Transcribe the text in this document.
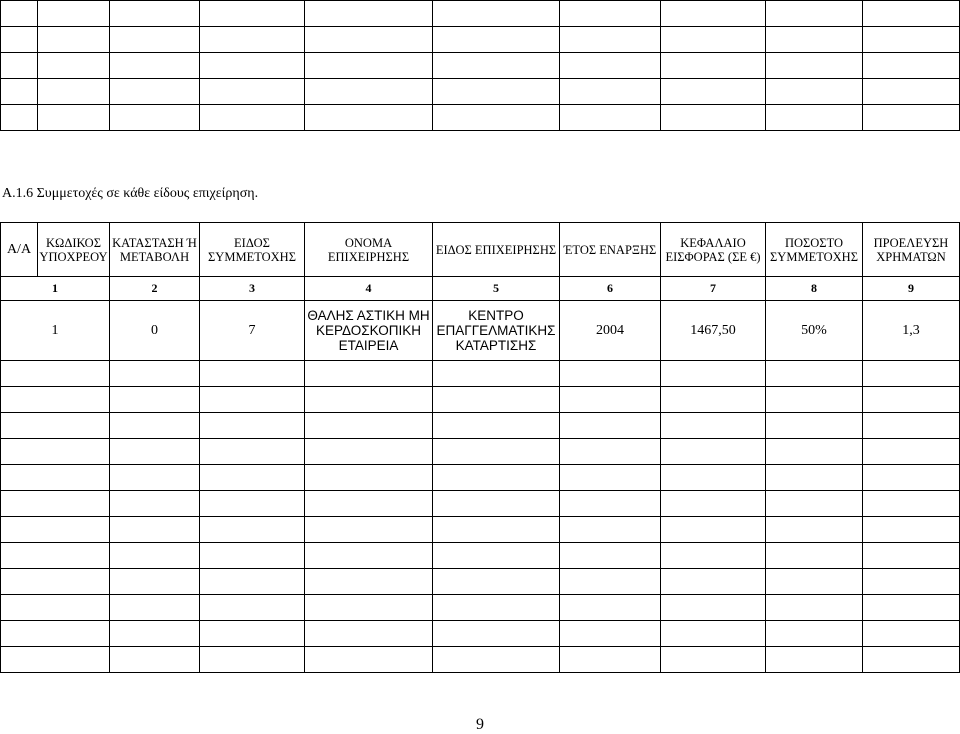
Α.1.6 Συμμετοχές σε κάθε είδους επιχείρηση.

Α/Α	ΚΩΔΙΚΟΣ ΥΠΟΧΡΕΟΥ	ΚΑΤΑΣΤΑΣΗ Ή ΜΕΤΑΒΟΛΗ	ΕΙΔΟΣ ΣΥΜΜΕΤΟΧΗΣ	ΟΝΟΜΑ ΕΠΙΧΕΙΡΗΣΗΣ	ΕΙΔΟΣ ΕΠΙΧΕΙΡΗΣΗΣ	ΈΤΟΣ ΕΝΑΡΞΗΣ	ΚΕΦΑΛΑΙΟ ΕΙΣΦΟΡΑΣ (ΣΕ €)	ΠΟΣΟΣΤΟ ΣΥΜΜΕΤΟΧΗΣ	ΠΡΟΕΛΕΥΣΗ ΧΡΗΜΑΤΩΝ
1		2	3	4	5	6	7	8	9
1		0	7	ΘΑΛΗΣ ΑΣΤΙΚΗ ΜΗ ΚΕΡΔΟΣΚΟΠΙΚΗ ΕΤΑΙΡΕΙΑ	ΚΕΝΤΡΟ ΕΠΑΓΓΕΛΜΑΤΙΚΗΣ ΚΑΤΑΡΤΙΣΗΣ	2004	1467,50	50%	1,3

9
